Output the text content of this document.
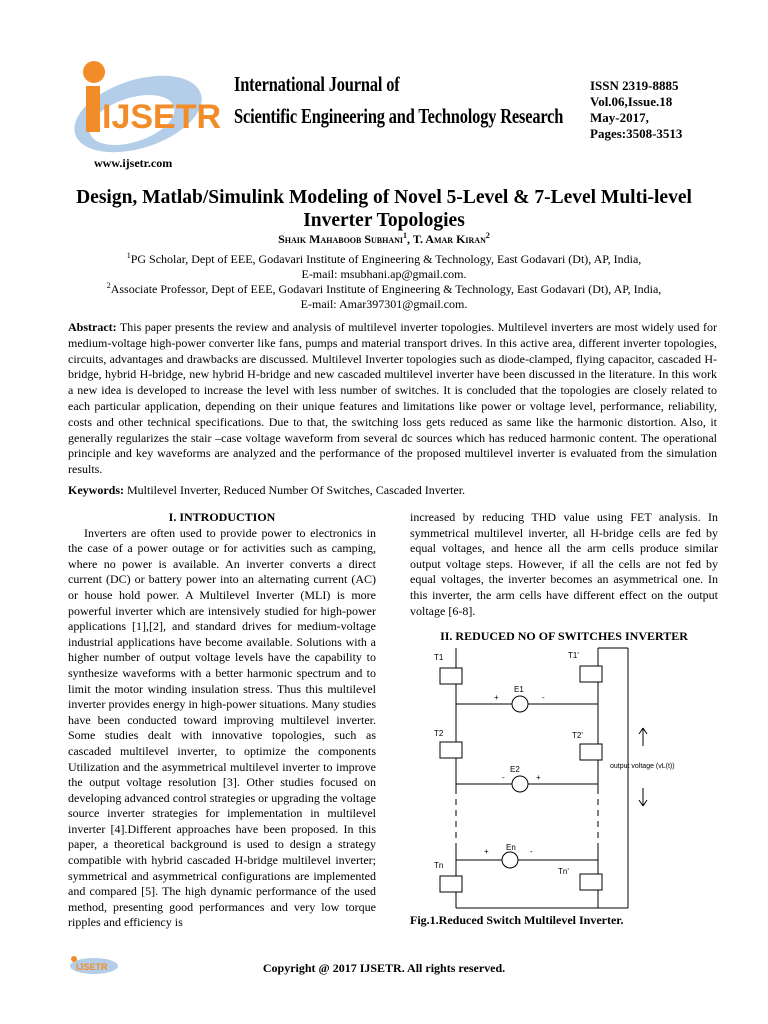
IJSETR
www.ijsetr.com
International Journal of
Scientific Engineering and Technology Research
ISSN 2319-8885
Vol.06,Issue.18
May-2017,
Pages:3508-3513
Design, Matlab/Simulink Modeling of Novel 5-Level & 7-Level Multi-level Inverter Topologies
Shaik Mahaboob Subhani$^1$, T. Amar Kiran$^2$
$^1$PG Scholar, Dept of EEE, Godavari Institute of Engineering & Technology, East Godavari (Dt), AP, India,
E-mail: msubhani.ap@gmail.com.
$^2$Associate Professor, Dept of EEE, Godavari Institute of Engineering & Technology, East Godavari (Dt), AP, India,
E-mail: Amar397301@gmail.com.
Abstract: This paper presents the review and analysis of multilevel inverter topologies. Multilevel inverters are most widely used for medium-voltage high-power converter like fans, pumps and material transport drives. In this active area, different inverter topologies, circuits, advantages and drawbacks are discussed. Multilevel Inverter topologies such as diode-clamped, flying capacitor, cascaded H-bridge, hybrid H-bridge, new hybrid H-bridge and new cascaded multilevel inverter have been discussed in the literature. In this work a new idea is developed to increase the level with less number of switches. It is concluded that the topologies are closely related to each particular application, depending on their unique features and limitations like power or voltage level, performance, reliability, costs and other technical specifications. Due to that, the switching loss gets reduced as same like the harmonic distortion. Also, it generally regularizes the stair –case voltage waveform from several dc sources which has reduced harmonic content. The operational principle and key waveforms are analyzed and the performance of the proposed multilevel inverter is evaluated from the simulation results.
Keywords: Multilevel Inverter, Reduced Number Of Switches, Cascaded Inverter.
I. INTRODUCTION
Inverters are often used to provide power to electronics in the case of a power outage or for activities such as camping, where no power is available. An inverter converts a direct current (DC) or battery power into an alternating current (AC) or house hold power. A Multilevel Inverter (MLI) is more powerful inverter which are intensively studied for high-power applications [1],[2], and standard drives for medium-voltage industrial applications have become available. Solutions with a higher number of output voltage levels have the capability to synthesize waveforms with a better harmonic spectrum and to limit the motor winding insulation stress. Thus this multilevel inverter provides energy in high-power situations. Many studies have been conducted toward improving multilevel inverter. Some studies dealt with innovative topologies, such as cascaded multilevel inverter, to optimize the components Utilization and the asymmetrical multilevel inverter to improve the output voltage resolution [3]. Other studies focused on developing advanced control strategies or upgrading the voltage source inverter strategies for implementation in multilevel inverter [4].Different approaches have been proposed. In this paper, a theoretical background is used to design a strategy compatible with hybrid cascaded H-bridge multilevel inverter; symmetrical and asymmetrical configurations are implemented and compared [5]. The high dynamic performance of the used method, presenting good performances and very low torque ripples and efficiency is
increased by reducing THD value using FET analysis. In symmetrical multilevel inverter, all H-bridge cells are fed by equal voltages, and hence all the arm cells produce similar output voltage steps. However, if all the cells are not fed by equal voltages, the inverter becomes an asymmetrical one. In this inverter, the arm cells have different effect on the output voltage [6-8].
II. REDUCED NO OF SWITCHES INVERTER
T1	T1'
E1
T2	T2'
E2
En
Tn
Tn'
output voltage (vL(t))
+	-
-	+
+	-
Fig.1.Reduced Switch Multilevel Inverter.
IJSETR	Copyright @ 2017 IJSETR. All rights reserved.
